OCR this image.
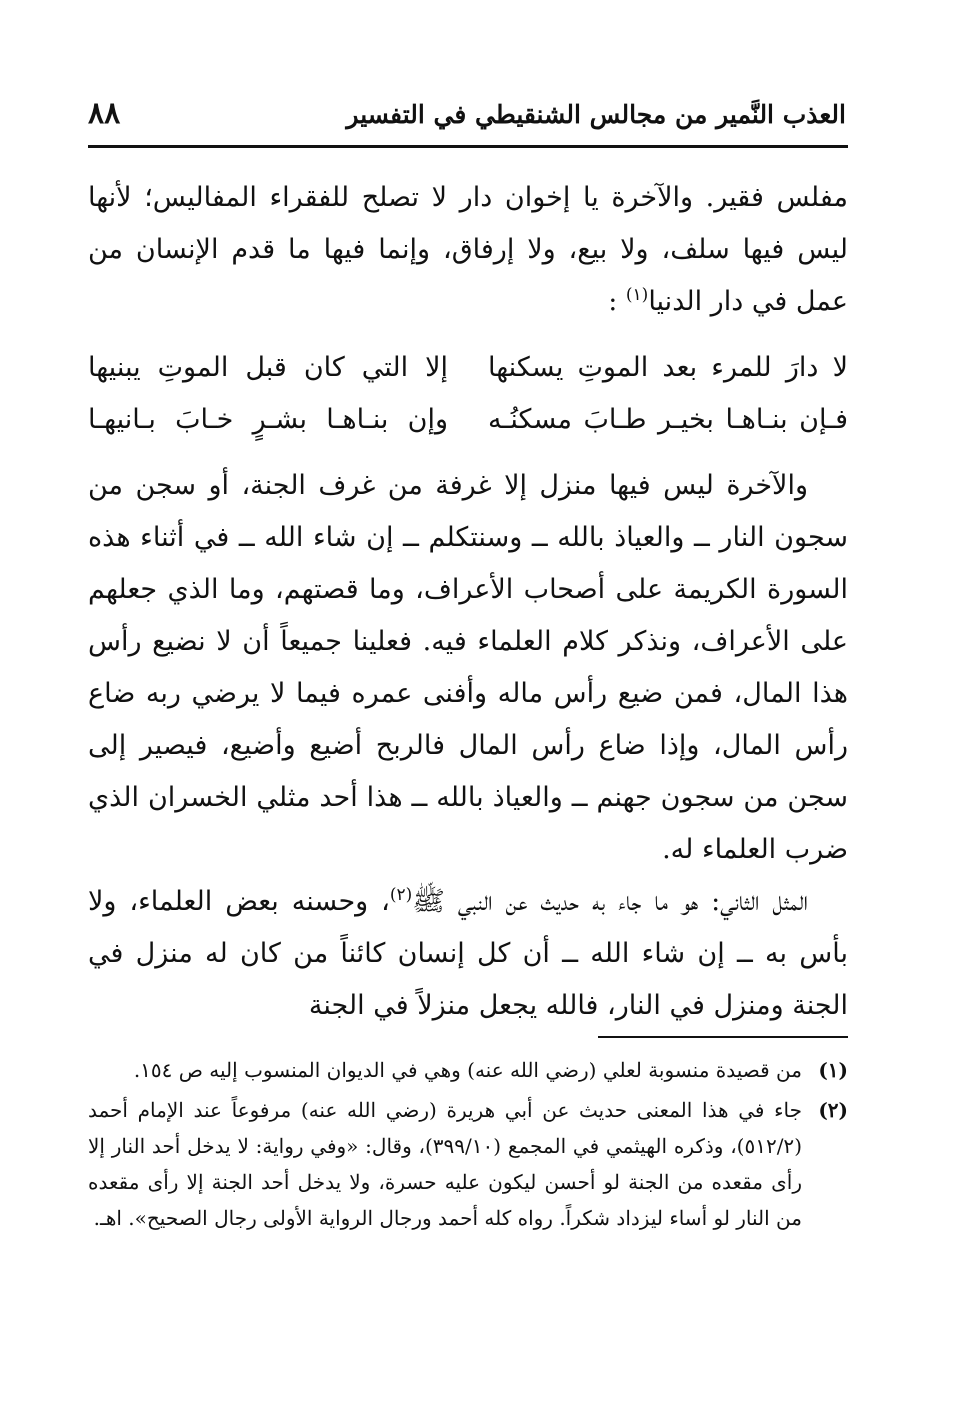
العذب النَّمير من مجالس الشنقيطي في التفسير
٨٨

مفلس فقير. والآخرة يا إخوان دار لا تصلح للفقراء المفاليس؛ لأنها ليس فيها سلف، ولا بيع، ولا إرفاق، وإنما فيها ما قدم الإنسان من عمل في دار الدنيا$^{(١)}$ :

لا دارَ للمرء بعد الموتِ يسكنها
إلا التي كان قبل الموتِ يبنيها
فـإن بنـاهـا بخيـر طـابَ مسكنُـه
وإن بنـاهـا بشـرٍ خـابَ بـانيهـا

والآخرة ليس فيها منزل إلا غرفة من غرف الجنة، أو سجن من سجون النار ــ والعياذ بالله ــ وسنتكلم ــ إن شاء الله ــ في أثناء هذه السورة الكريمة على أصحاب الأعراف، وما قصتهم، وما الذي جعلهم على الأعراف، ونذكر كلام العلماء فيه. فعلينا جميعاً أن لا نضيع رأس هذا المال، فمن ضيع رأس ماله وأفنى عمره فيما لا يرضي ربه ضاع رأس المال، وإذا ضاع رأس المال فالربح أضيع وأضيع، فيصير إلى سجن من سجون جهنم ــ والعياذ بالله ــ هذا أحد مثلي الخسران الذي ضرب العلماء له.

المثل الثاني: هو ما جاء به حديث عن النبي ﷺ$^{(٢)}$، وحسنه بعض العلماء، ولا بأس به ــ إن شاء الله ــ أن كل إنسان كائناً من كان له منزل في الجنة ومنزل في النار، فالله يجعل منزلاً في الجنة

(١)
من قصيدة منسوبة لعلي (رضي الله عنه) وهي في الديوان المنسوب إليه ص ١٥٤.
(٢)
جاء في هذا المعنى حديث عن أبي هريرة (رضي الله عنه) مرفوعاً عند الإمام أحمد (٥١٢/٢)، وذكره الهيثمي في المجمع (٣٩٩/١٠)، وقال: «وفي رواية: لا يدخل أحد النار إلا رأى مقعده من الجنة لو أحسن ليكون عليه حسرة، ولا يدخل أحد الجنة إلا رأى مقعده من النار لو أساء ليزداد شكراً. رواه كله أحمد ورجال الرواية الأولى رجال الصحيح». اهـ.
